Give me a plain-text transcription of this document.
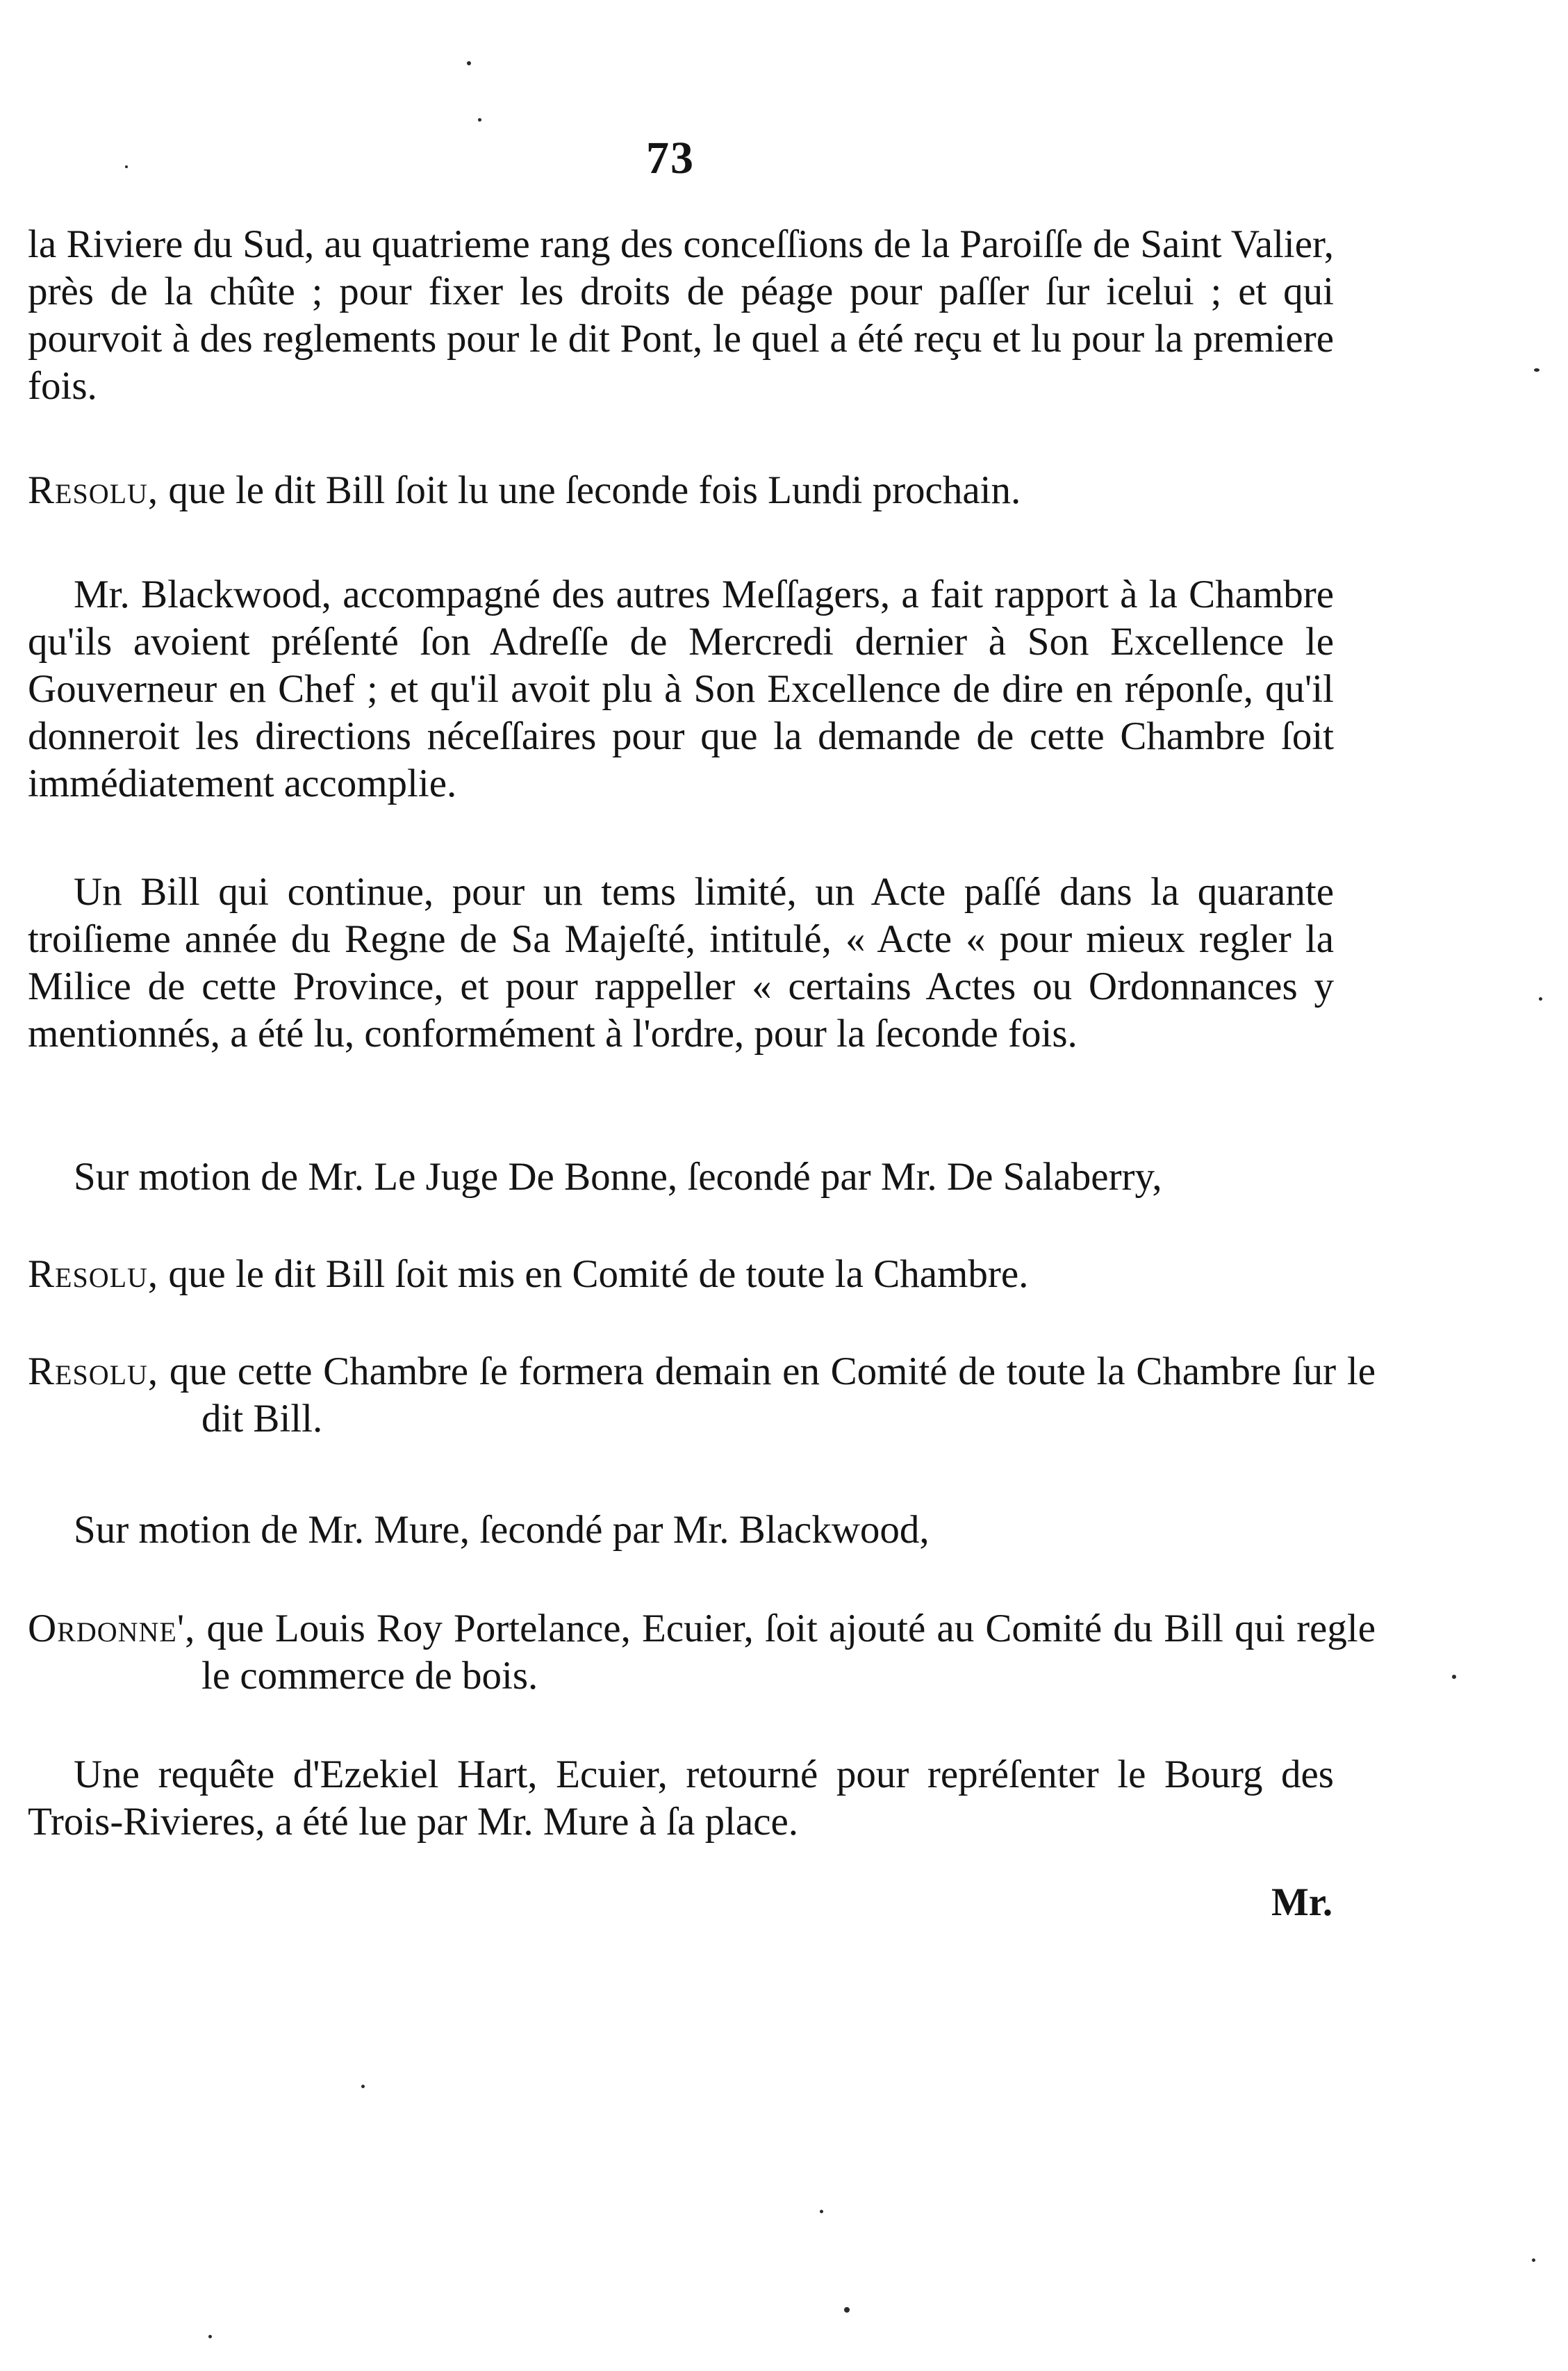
73
la Riviere du Sud, au quatrieme rang des conceſſions de la Paroiſſe de Saint Valier, près de la chûte ; pour fixer les droits de péage pour paſſer ſur icelui ; et qui pourvoit à des reglements pour le dit Pont, le quel a été reçu et lu pour la premiere fois.
Resolu, que le dit Bill ſoit lu une ſeconde fois Lundi prochain.
Mr. Blackwood, accompagné des autres Meſſagers, a fait rapport à la Chambre qu'ils avoient préſenté ſon Adreſſe de Mercredi dernier à Son Excellence le Gouverneur en Chef ; et qu'il avoit plu à Son Excellence de dire en réponſe, qu'il donneroit les directions néceſſaires pour que la demande de cette Chambre ſoit immédiatement accomplie.
Un Bill qui continue, pour un tems limité, un Acte paſſé dans la quarante troiſieme année du Regne de Sa Majeſté, intitulé, « Acte « pour mieux regler la Milice de cette Province, et pour rappeller « certains Actes ou Ordonnances y mentionnés, a été lu, conformément à l'ordre, pour la ſeconde fois.
Sur motion de Mr. Le Juge De Bonne, ſecondé par Mr. De Salaberry,
Resolu, que le dit Bill ſoit mis en Comité de toute la Chambre.
Resolu, que cette Chambre ſe formera demain en Comité de toute la Chambre ſur le dit Bill.
Sur motion de Mr. Mure, ſecondé par Mr. Blackwood,
Ordonne', que Louis Roy Portelance, Ecuier, ſoit ajouté au Comité du Bill qui regle le commerce de bois.
Une requête d'Ezekiel Hart, Ecuier, retourné pour repréſenter le Bourg des Trois-Rivieres, a été lue par Mr. Mure à ſa place.
Mr.
